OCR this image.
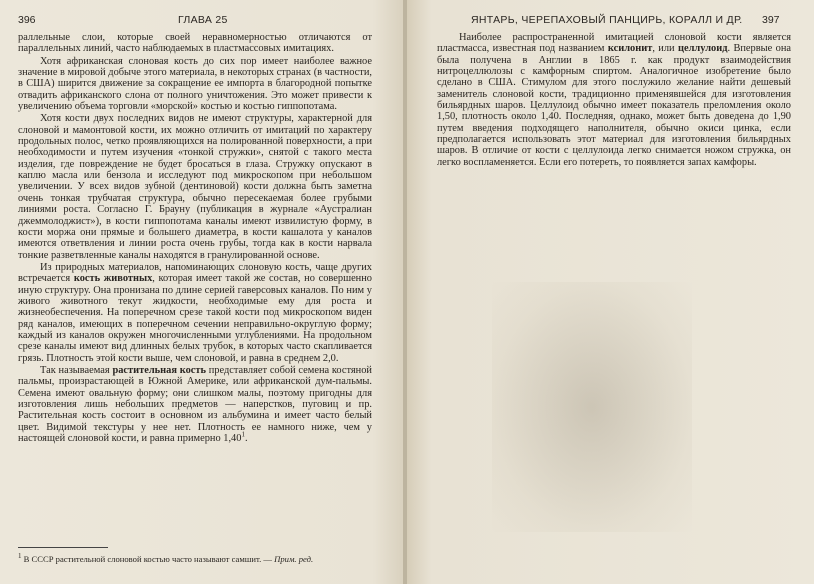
396	ГЛАВА 25

раллельные слои, которые своей неравномерностью отличаются от параллельных линий, часто наблюдаемых в пластмассовых имитациях.

Хотя африканская слоновая кость до сих пор имеет наиболее важное значение в мировой добыче этого материала, в некоторых странах (в частности, в США) ширится движение за сокращение ее импорта в благородной попытке отвадить африканского слона от полного уничтожения. Это может привести к увеличению объема торговли «морской» костью и костью гиппопотама.

Хотя кости двух последних видов не имеют структуры, характерной для слоновой и мамонтовой кости, их можно отличить от имитаций по характеру продольных полос, четко проявляющихся на полированной поверхности, а при необходимости и путем изучения «тонкой стружки», снятой с такого места изделия, где повреждение не будет бросаться в глаза. Стружку опускают в каплю масла или бензола и исследуют под микроскопом при небольшом увеличении. У всех видов зубной (дентиновой) кости должна быть заметна очень тонкая трубчатая структура, обычно пересекаемая более грубыми линиями роста. Согласно Г. Брауну (публикация в журнале «Аустралиан джеммолоджист»), в кости гиппопотама каналы имеют извилистую форму, в кости моржа они прямые и большего диаметра, в кости кашалота у каналов имеются ответвления и линии роста очень грубы, тогда как в кости нарвала тонкие разветвленные каналы находятся в гранулированной основе.

Из природных материалов, напоминающих слоновую кость, чаще других встречается кость животных, которая имеет такой же состав, но совершенно иную структуру. Она пронизана по длине серией гаверсовых каналов. По ним у живого животного текут жидкости, необходимые ему для роста и жизнеобеспечения. На поперечном срезе такой кости под микроскопом виден ряд каналов, имеющих в поперечном сечении неправильно-округлую форму; каждый из каналов окружен многочисленными углублениями. На продольном срезе каналы имеют вид длинных белых трубок, в которых часто скапливается грязь. Плотность этой кости выше, чем слоновой, и равна в среднем 2,0.

Так называемая растительная кость представляет собой семена костяной пальмы, произрастающей в Южной Америке, или африканской дум-пальмы. Семена имеют овальную форму; они слишком малы, поэтому пригодны для изготовления лишь небольших предметов — наперстков, пуговиц и пр. Растительная кость состоит в основном из альбумина и имеет часто белый цвет. Видимой текстуры у нее нет. Плотность ее намного ниже, чем у настоящей слоновой кости, и равна примерно 1,40$^1$.

$^1$ В СССР растительной слоновой костью часто называют самшит. — Прим. ред.
ЯНТАРЬ, ЧЕРЕПАХОВЫЙ ПАНЦИРЬ, КОРАЛЛ И ДР. 397

Наиболее распространенной имитацией слоновой кости является пластмасса, известная под названием ксилонит, или целлулоид. Впервые она была получена в Англии в 1865 г. как продукт взаимодействия нитроцеллюлозы с камфорным спиртом. Аналогичное изобретение было сделано в США. Стимулом для этого послужило желание найти дешевый заменитель слоновой кости, традиционно применявшейся для изготовления бильярдных шаров. Целлулоид обычно имеет показатель преломления около 1,50, плотность около 1,40. Последняя, однако, может быть доведена до 1,90 путем введения подходящего наполнителя, обычно окиси цинка, если предполагается использовать этот материал для изготовления бильярдных шаров. В отличие от кости с целлулоида легко снимается ножом стружка, он легко воспламеняется. Если его потереть, то появляется запах камфоры.
